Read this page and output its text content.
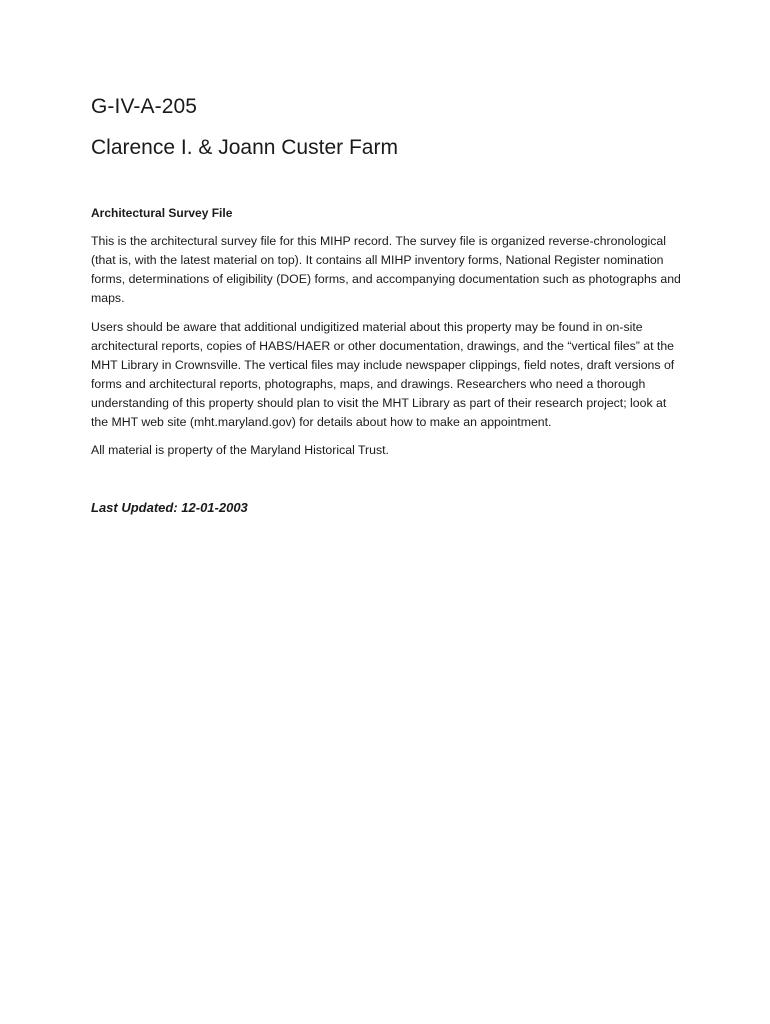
G-IV-A-205
Clarence I. & Joann Custer Farm
Architectural Survey File

This is the architectural survey file for this MIHP record. The survey file is organized reverse-chronological (that is, with the latest material on top). It contains all MIHP inventory forms, National Register nomination forms, determinations of eligibility (DOE) forms, and accompanying documentation such as photographs and maps.

Users should be aware that additional undigitized material about this property may be found in on-site architectural reports, copies of HABS/HAER or other documentation, drawings, and the “vertical files” at the MHT Library in Crownsville. The vertical files may include newspaper clippings, field notes, draft versions of forms and architectural reports, photographs, maps, and drawings. Researchers who need a thorough understanding of this property should plan to visit the MHT Library as part of their research project; look at the MHT web site (mht.maryland.gov) for details about how to make an appointment.

All material is property of the Maryland Historical Trust.

Last Updated: 12-01-2003
